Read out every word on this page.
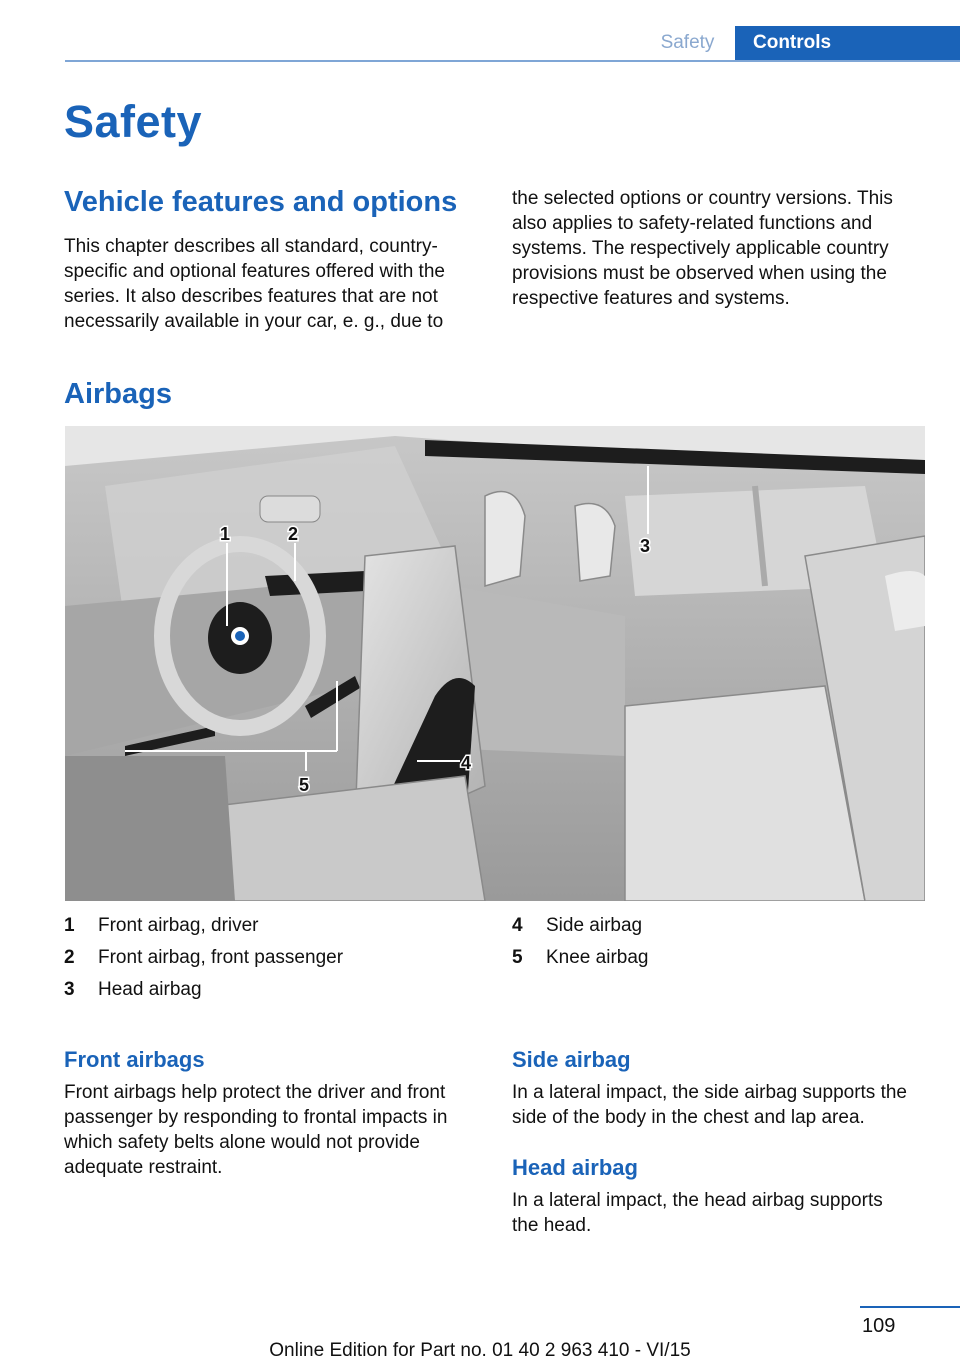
Safety	Controls
Safety
Vehicle features and options

This chapter describes all standard, country-specific and optional features offered with the series. It also describes features that are not necessarily available in your car, e. g., due to

the selected options or country versions. This also applies to safety-related functions and systems. The respectively applicable country provisions must be observed when using the respective features and systems.

Airbags
1	2
3
4
5
1	Front airbag, driver
2	Front airbag, front passenger
3	Head airbag
4	Side airbag
5	Knee airbag
Front airbags

Front airbags help protect the driver and front passenger by responding to frontal impacts in which safety belts alone would not provide adequate restraint.

Side airbag

In a lateral impact, the side airbag supports the side of the body in the chest and lap area.

Head airbag

In a lateral impact, the head airbag supports the head.

109
Online Edition for Part no. 01 40 2 963 410 - VI/15
